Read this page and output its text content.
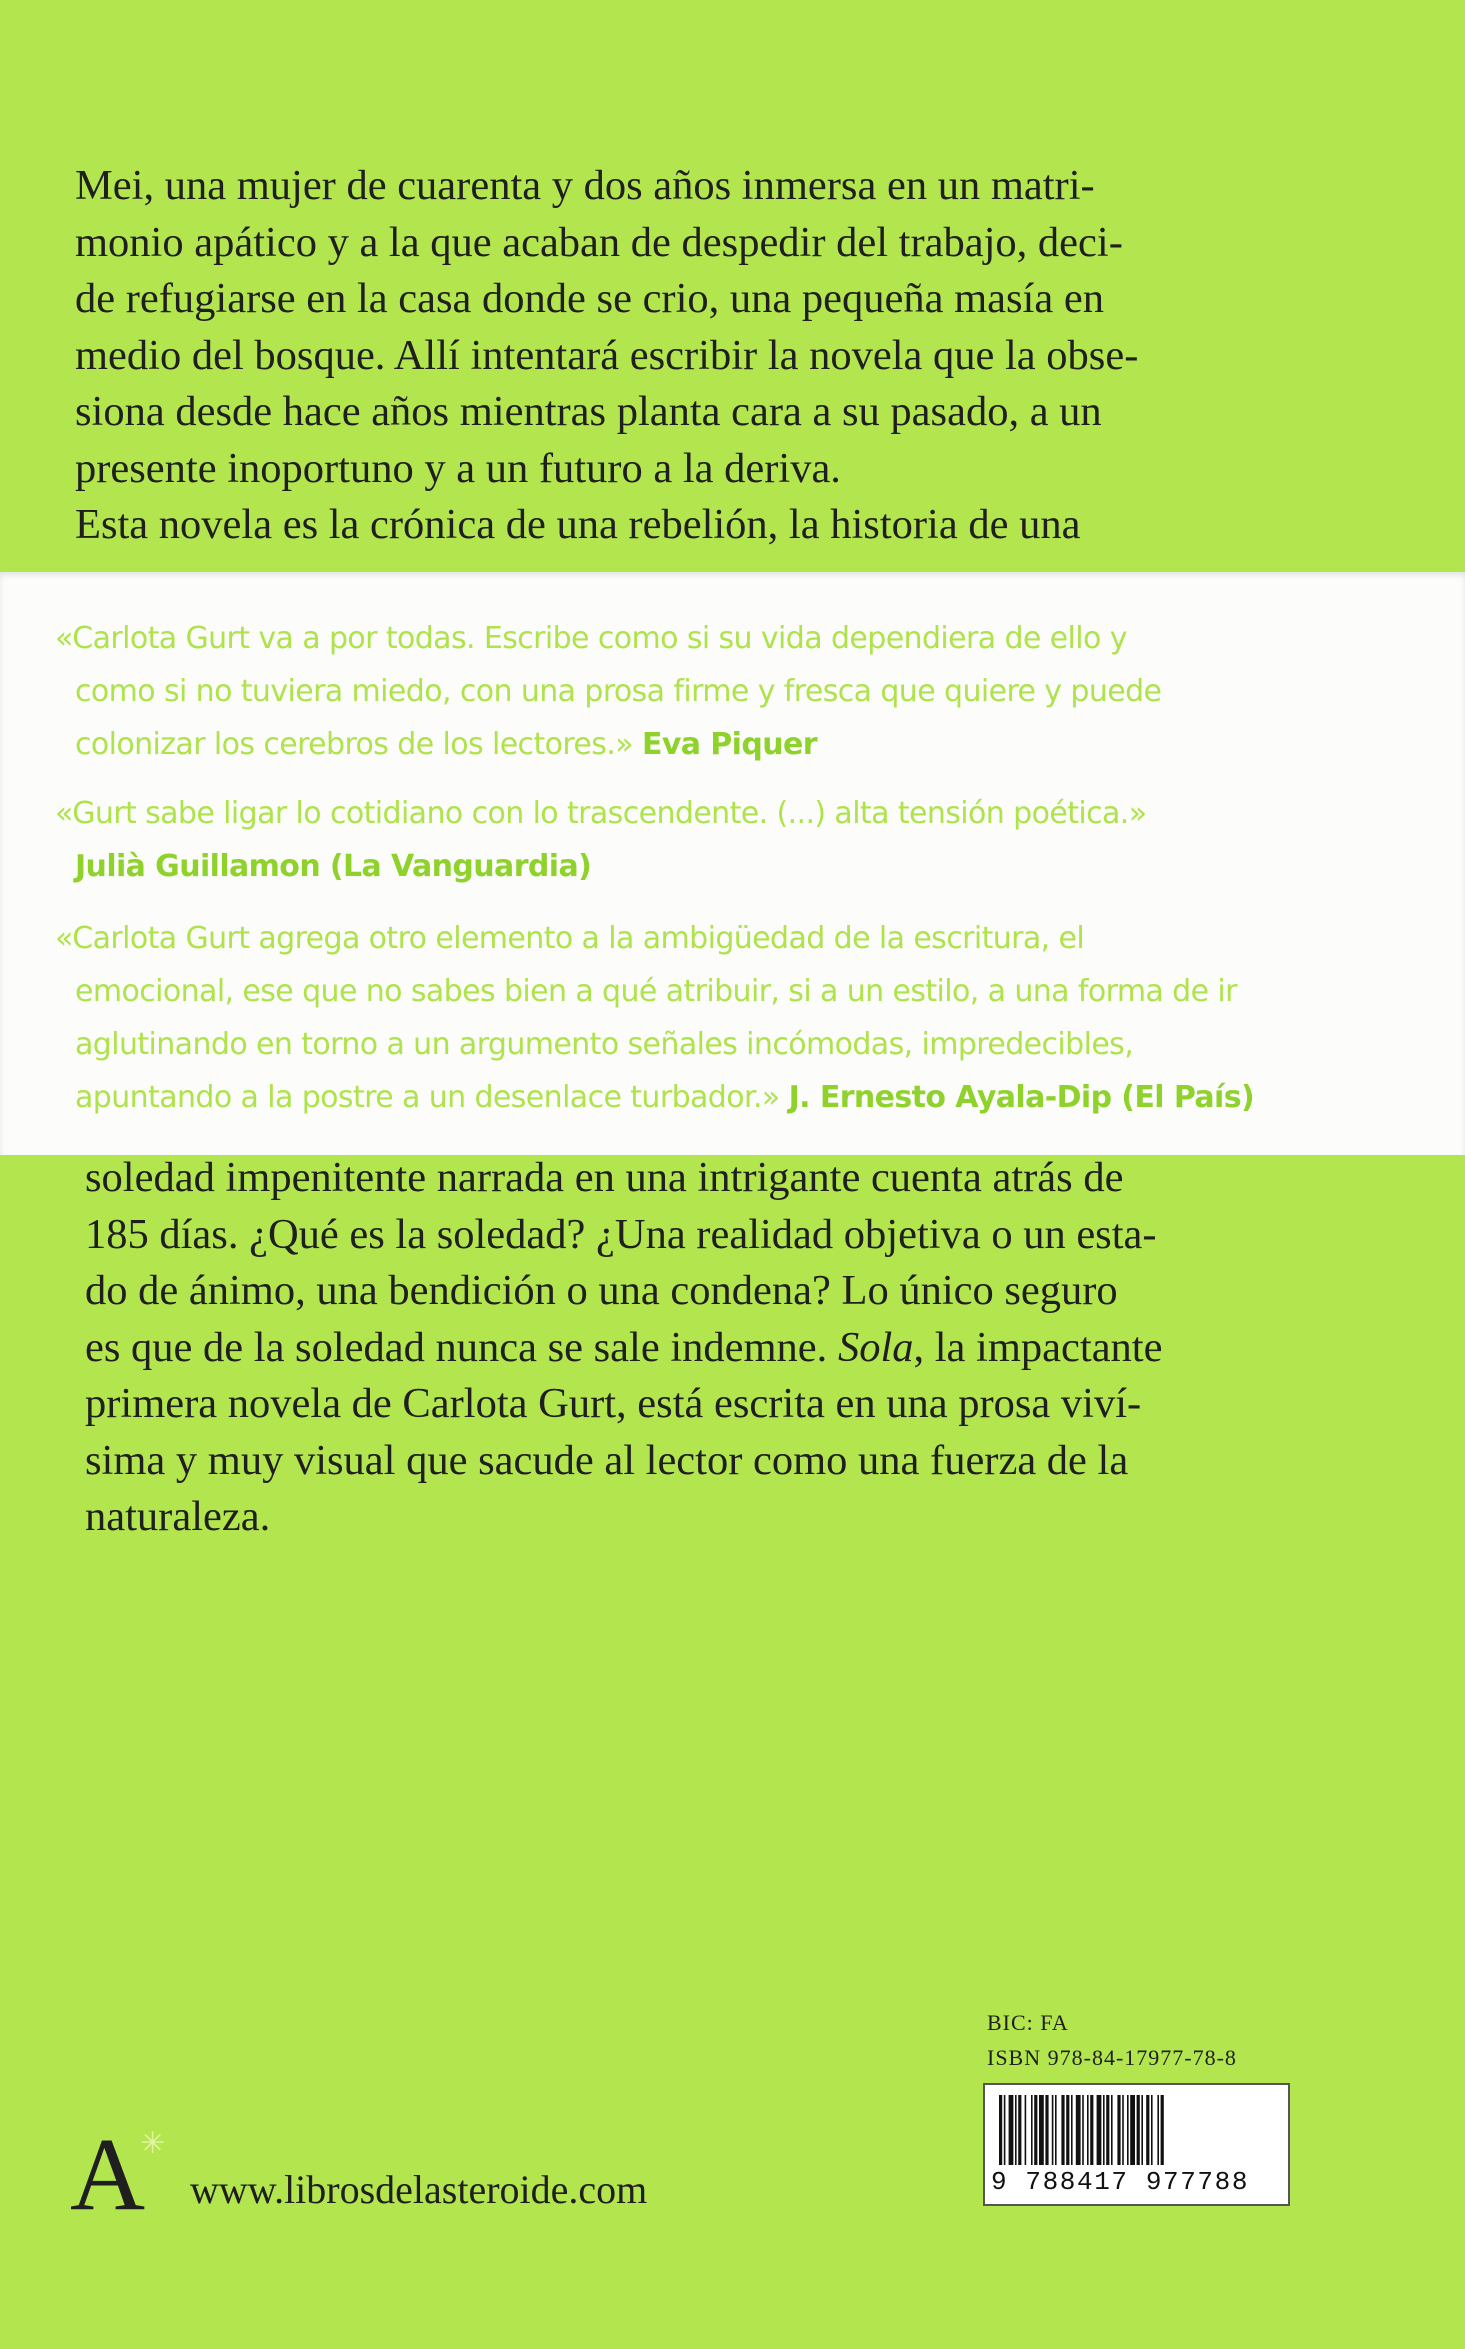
Mei, una mujer de cuarenta y dos años inmersa en un matri-
monio apático y a la que acaban de despedir del trabajo, deci-
de refugiarse en la casa donde se crio, una pequeña masía en
medio del bosque. Allí intentará escribir la novela que la obse-
siona desde hace años mientras planta cara a su pasado, a un
presente inoportuno y a un futuro a la deriva.
Esta novela es la crónica de una rebelión, la historia de una
«Carlota Gurt va a por todas. Escribe como si su vida dependiera de ello y
como si no tuviera miedo, con una prosa firme y fresca que quiere y puede
colonizar los cerebros de los lectores.» Eva Piquer
«Gurt sabe ligar lo cotidiano con lo trascendente. (...) alta tensión poética.»
Julià Guillamon (La Vanguardia)
«Carlota Gurt agrega otro elemento a la ambigüedad de la escritura, el
emocional, ese que no sabes bien a qué atribuir, si a un estilo, a una forma de ir
aglutinando en torno a un argumento señales incómodas, impredecibles,
apuntando a la postre a un desenlace turbador.» J. Ernesto Ayala-Dip (El País)
soledad impenitente narrada en una intrigante cuenta atrás de
185 días. ¿Qué es la soledad? ¿Una realidad objetiva o un esta-
do de ánimo, una bendición o una condena? Lo único seguro
es que de la soledad nunca se sale indemne. Sola, la impactante
primera novela de Carlota Gurt, está escrita en una prosa viví-
sima y muy visual que sacude al lector como una fuerza de la
naturaleza.
A
✳
www.librosdelasteroide.com
BIC: FA
ISBN 978-84-17977-78-8
9 788417 977788
